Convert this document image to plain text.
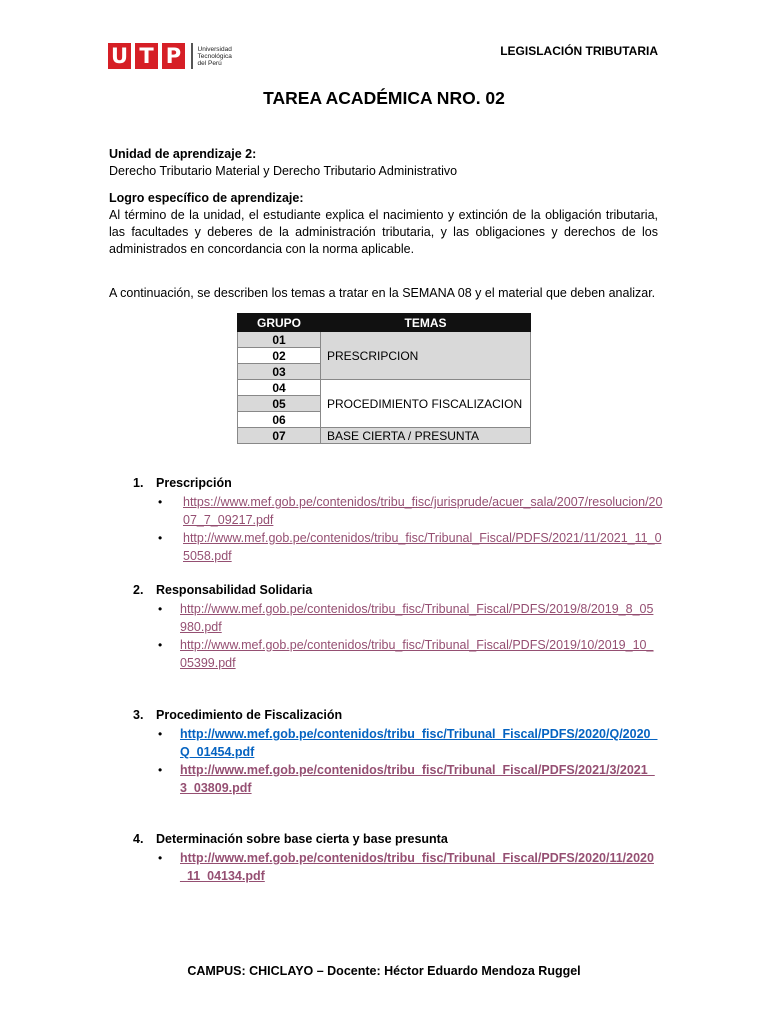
U T P	Universidad
Tecnológica
del Perú
LEGISLACIÓN TRIBUTARIA
TAREA ACADÉMICA NRO. 02
Unidad de aprendizaje 2:
Derecho Tributario Material y Derecho Tributario Administrativo
Logro específico de aprendizaje:
Al término de la unidad, el estudiante explica el nacimiento y extinción de la obligación tributaria, las facultades y deberes de la administración tributaria, y las obligaciones y derechos de los administrados en concordancia con la norma aplicable.
A continuación, se describen los temas a tratar en la SEMANA 08 y el material que deben analizar.
GRUPO	TEMAS
01	PRESCRIPCION
02	
03	
04	PROCEDIMIENTO FISCALIZACION
05	
06	
07	BASE CIERTA / PRESUNTA
1. Prescripción
• https://www.mef.gob.pe/contenidos/tribu_fisc/jurisprude/acuer_sala/2007/resolucion/2007_7_09217.pdf
• http://www.mef.gob.pe/contenidos/tribu_fisc/Tribunal_Fiscal/PDFS/2021/11/2021_11_05058.pdf
2. Responsabilidad Solidaria
• http://www.mef.gob.pe/contenidos/tribu_fisc/Tribunal_Fiscal/PDFS/2019/8/2019_8_05980.pdf
• http://www.mef.gob.pe/contenidos/tribu_fisc/Tribunal_Fiscal/PDFS/2019/10/2019_10_05399.pdf
3. Procedimiento de Fiscalización
• http://www.mef.gob.pe/contenidos/tribu_fisc/Tribunal_Fiscal/PDFS/2020/Q/2020_Q_01454.pdf
• http://www.mef.gob.pe/contenidos/tribu_fisc/Tribunal_Fiscal/PDFS/2021/3/2021_3_03809.pdf
4. Determinación sobre base cierta y base presunta
• http://www.mef.gob.pe/contenidos/tribu_fisc/Tribunal_Fiscal/PDFS/2020/11/2020_11_04134.pdf
CAMPUS: CHICLAYO – Docente: Héctor Eduardo Mendoza Ruggel
